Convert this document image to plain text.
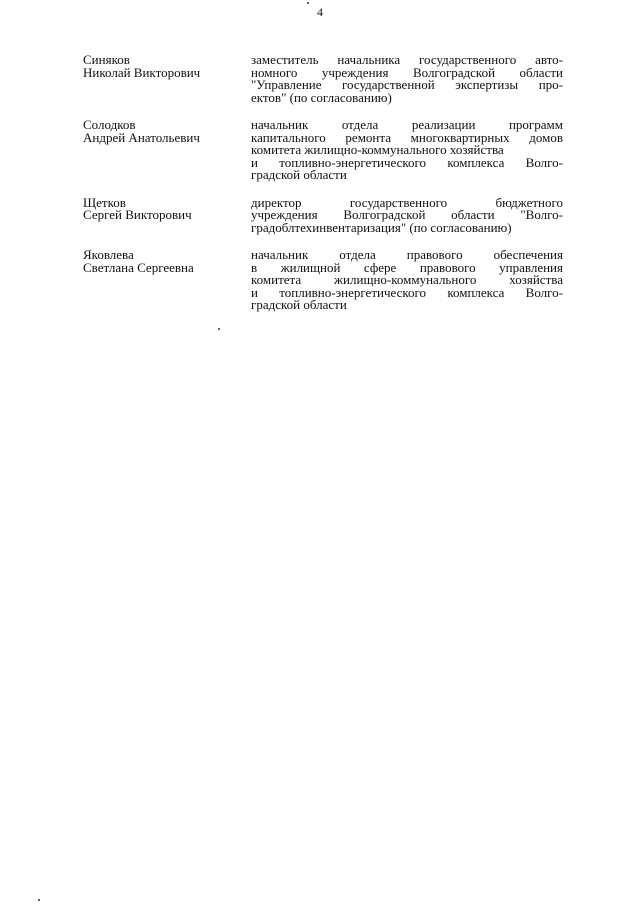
4
Синяков
Николай Викторович
заместитель начальника государственного авто-
номного учреждения Волгоградской области
"Управление государственной экспертизы про-
ектов" (по согласованию)
Солодков
Андрей Анатольевич
начальник отдела реализации программ
капитального ремонта многоквартирных домов
комитета жилищно-коммунального хозяйства
и топливно-энергетического комплекса Волго-
градской области
Щетков
Сергей Викторович
директор государственного бюджетного
учреждения Волгоградской области "Волго-
градоблтехинвентаризация" (по согласованию)
Яковлева
Светлана Сергеевна
начальник отдела правового обеспечения
в жилищной сфере правового управления
комитета жилищно-коммунального хозяйства
и топливно-энергетического комплекса Волго-
градской области
